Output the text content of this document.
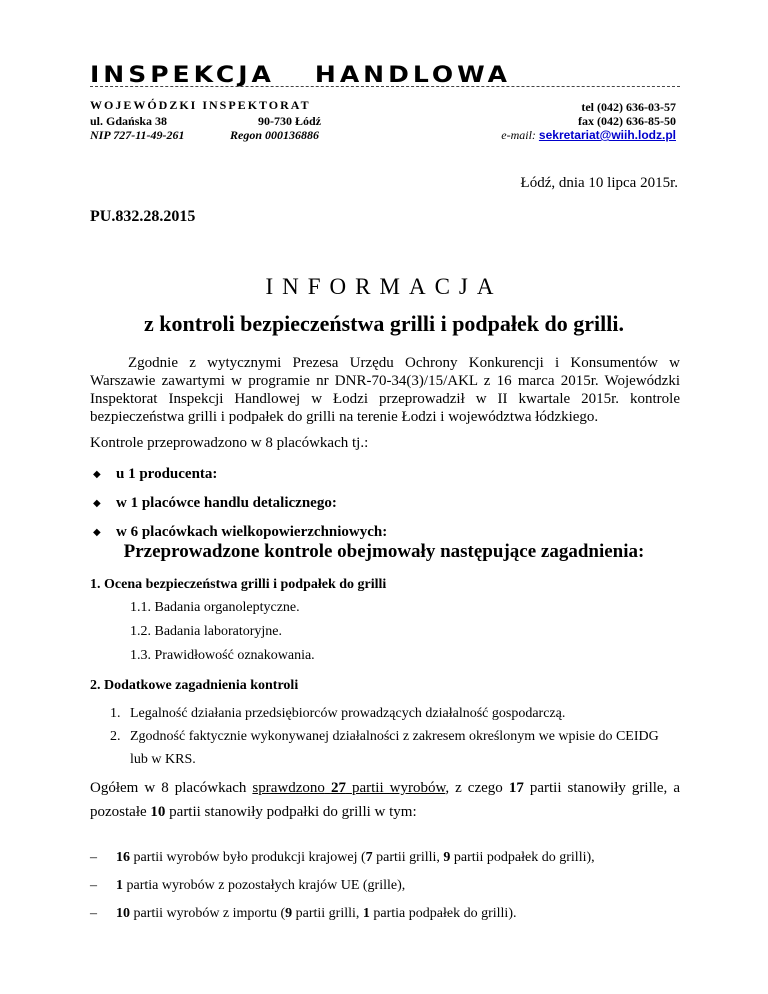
INSPEKCJA HANDLOWA
WOJEWÓDZKI INSPEKTORAT
ul. Gdańska 38	90-730 Łódź
NIP 727-11-49-261	Regon 000136886
tel (042) 636-03-57
fax (042) 636-85-50
e-mail: sekretariat@wiih.lodz.pl
Łódź, dnia 10 lipca 2015r.
PU.832.28.2015
INFORMACJA
z kontroli bezpieczeństwa grilli i podpałek do grilli.

Zgodnie z wytycznymi Prezesa Urzędu Ochrony Konkurencji i Konsumentów w Warszawie zawartymi w programie nr DNR-70-34(3)/15/AKL z 16 marca 2015r. Wojewódzki Inspektorat Inspekcji Handlowej w Łodzi przeprowadził w II kwartale 2015r. kontrole bezpieczeństwa grilli i podpałek do grilli na terenie Łodzi i województwa łódzkiego.

Kontrole przeprowadzono w 8 placówkach tj.:
◆ u 1 producenta:
◆ w 1 placówce handlu detalicznego:
◆ w 6 placówkach wielkopowierzchniowych:
Przeprowadzone kontrole obejmowały następujące zagadnienia:
1. Ocena bezpieczeństwa grilli i podpałek do grilli
1.1. Badania organoleptyczne.
1.2. Badania laboratoryjne.
1.3. Prawidłowość oznakowania.
2. Dodatkowe zagadnienia kontroli
1. Legalność działania przedsiębiorców prowadzących działalność gospodarczą.
2. Zgodność faktycznie wykonywanej działalności z zakresem określonym we wpisie do CEIDG lub w KRS.
Ogółem w 8 placówkach sprawdzono 27 partii wyrobów, z czego 17 partii stanowiły grille, a pozostałe 10 partii stanowiły podpałki do grilli w tym:
– 16 partii wyrobów było produkcji krajowej (7 partii grilli, 9 partii podpałek do grilli),
– 1 partia wyrobów z pozostałych krajów UE (grille),
– 10 partii wyrobów z importu (9 partii grilli, 1 partia podpałek do grilli).
